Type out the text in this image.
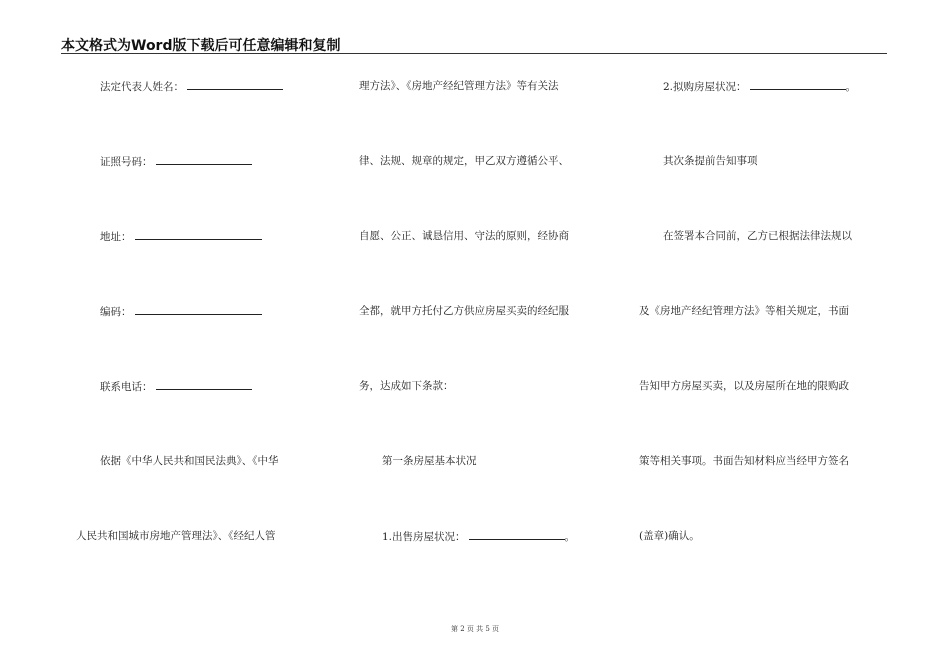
本文格式为Word版下载后可任意编辑和复制
法定代表人姓名：
证照号码：
地址：
编码：
联系电话：
依据《中华人民共和国民法典》、《中华
人民共和国城市房地产管理法》、《经纪人管
理方法》、《房地产经纪管理方法》等有关法
律、法规、规章的规定，甲乙双方遵循公平、
自愿、公正、诚恳信用、守法的原则，经协商
全都，就甲方托付乙方供应房屋买卖的经纪服
务，达成如下条款：
第一条房屋基本状况
1.出售房屋状况：	。
2.拟购房屋状况：	。
其次条提前告知事项
在签署本合同前，乙方已根据法律法规以
及《房地产经纪管理方法》等相关规定，书面
告知甲方房屋买卖，以及房屋所在地的限购政
策等相关事项。书面告知材料应当经甲方签名
(盖章)确认。
第 2 页 共 5 页
